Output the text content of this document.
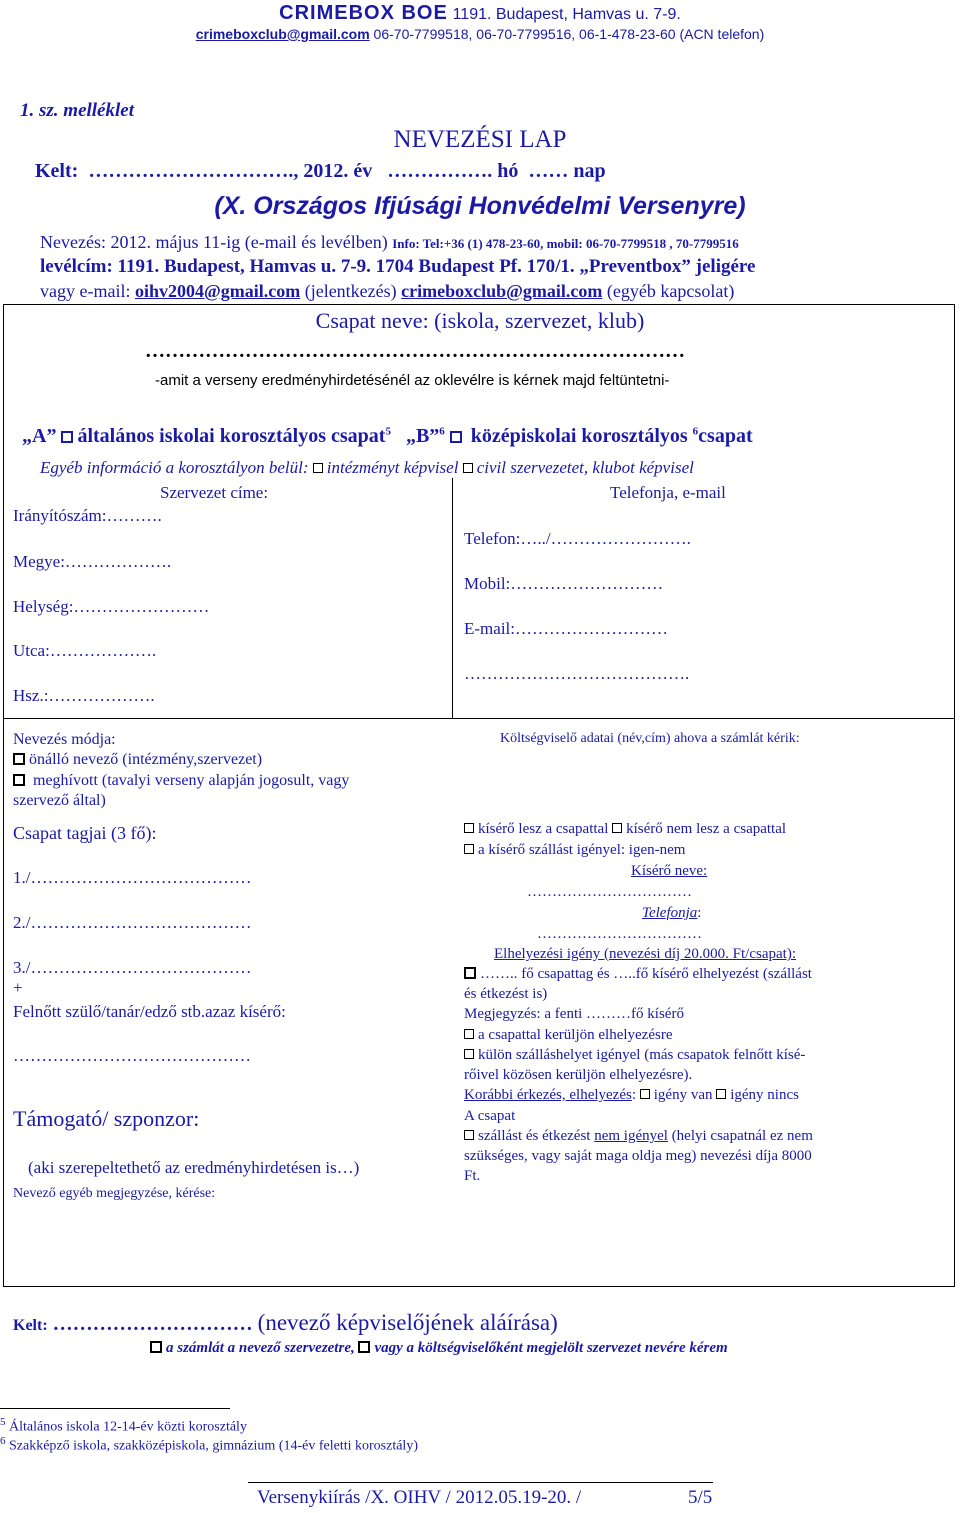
CRIMEBOX BOE 1191. Budapest, Hamvas u. 7-9.
crimeboxclub@gmail.com 06-70-7799518, 06-70-7799516, 06-1-478-23-60 (ACN telefon)
1. sz. melléklet
NEVEZÉSI LAP
Kelt: …………………………., 2012. év ……………. hó …… nap
(X. Országos Ifjúsági Honvédelmi Versenyre)
Nevezés: 2012. május 11-ig (e-mail és levélben) Info: Tel:+36 (1) 478-23-60, mobil: 06-70-7799518 , 70-7799516
levélcím: 1191. Budapest, Hamvas u. 7-9. 1704 Budapest Pf. 170/1. „Preventbox” jeligére
vagy e-mail: oihv2004@gmail.com (jelentkezés) crimeboxclub@gmail.com (egyéb kapcsolat)
Csapat neve: (iskola, szervezet, klub)
………………………………………………………………………
-amit a verseny eredményhirdetésénél az oklevélre is kérnek majd feltüntetni-
„A” általános iskolai korosztályos csapat$^5$ „B”$^6$ középiskolai korosztályos $^6$csapat
Egyéb információ a korosztályon belül: intézményt képvisel civil szervezetet, klubot képvisel
Szervezet címe:
Irányítószám:……….
Megye:……………….
Helység:……………………
Utca:……………….
Hsz.:……………….
Telefonja, e-mail
Telefon:…../…………………….
Mobil:………………………
E-mail:………………………
………………………………….
Nevezés módja:
önálló nevező (intézmény,szervezet)
meghívott (tavalyi verseny alapján jogosult, vagy
szervező által)
Költségviselő adatai (név,cím) ahova a számlát kérik:
Csapat tagjai (3 fő):
1./…………………………………
2./…………………………………
3./…………………………………
+
Felnőtt szülő/tanár/edző stb.azaz kísérő:
……………………………………
kísérő lesz a csapattal kísérő nem lesz a csapattal
a kísérő szállást igényel: igen-nem
Kísérő neve:
……………………………
Telefonja:
……………………………
Elhelyezési igény (nevezési díj 20.000. Ft/csapat):
…….. fő csapattag és …..fő kísérő elhelyezést (szállást
és étkezést is)
Megjegyzés: a fenti ………fő kísérő
a csapattal kerüljön elhelyezésre
külön szálláshelyet igényel (más csapatok felnőtt kísé-
rőivel közösen kerüljön elhelyezésre).
Korábbi érkezés, elhelyezés: igény van igény nincs
A csapat
szállást és étkezést nem igényel (helyi csapatnál ez nem
szükséges, vagy saját maga oldja meg) nevezési díja 8000
Ft.
Támogató/ szponzor:
(aki szerepeltethető az eredményhirdetésen is…)
Nevező egyéb megjegyzése, kérése:
Kelt: ………………………… (nevező képviselőjének aláírása)
a számlát a nevező szervezetre, vagy a költségviselőként megjelölt szervezet nevére kérem
$^5$ Általános iskola 12-14-év közti korosztály
$^6$ Szakképző iskola, szakközépiskola, gimnázium (14-év feletti korosztály)
Versenykiírás /X. OIHV / 2012.05.19-20. /	5/5
